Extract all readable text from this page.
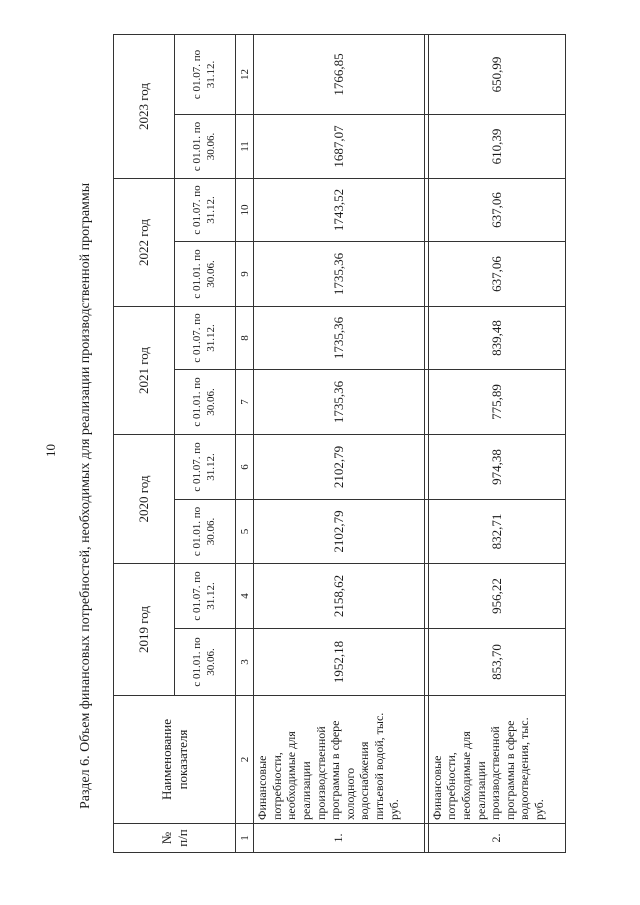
10 Раздел 6. Объем финансовых потребностей, необходимых для реализации производственной программы
№ п/п	Наименование показателя	2019 год		2020 год		2021 год		2022 год		2023 год	
		с 01.01. по 30.06.	с 01.07. по 31.12.	с 01.01. по 30.06.	с 01.07. по 31.12.	с 01.01. по 30.06.	с 01.07. по 31.12.	с 01.01. по 30.06.	с 01.07. по 31.12.	с 01.01. по 30.06.	с 01.07. по 31.12.
1	2	3	4	5	6	7	8	9	10	11	12
1.	Финансовые потребности, необходимые для реализации производственной программы в сфере холодного водоснабжения питьевой водой, тыс. руб.	1952,18	2158,62	2102,79	2102,79	1735,36	1735,36	1735,36	1743,52	1687,07	1766,85

2.	Финансовые потребности, необходимые для реализации производственной программы в сфере водоотведения, тыс. руб.	853,70	956,22	832,71	974,38	775,89	839,48	637,06	637,06	610,39	650,99
